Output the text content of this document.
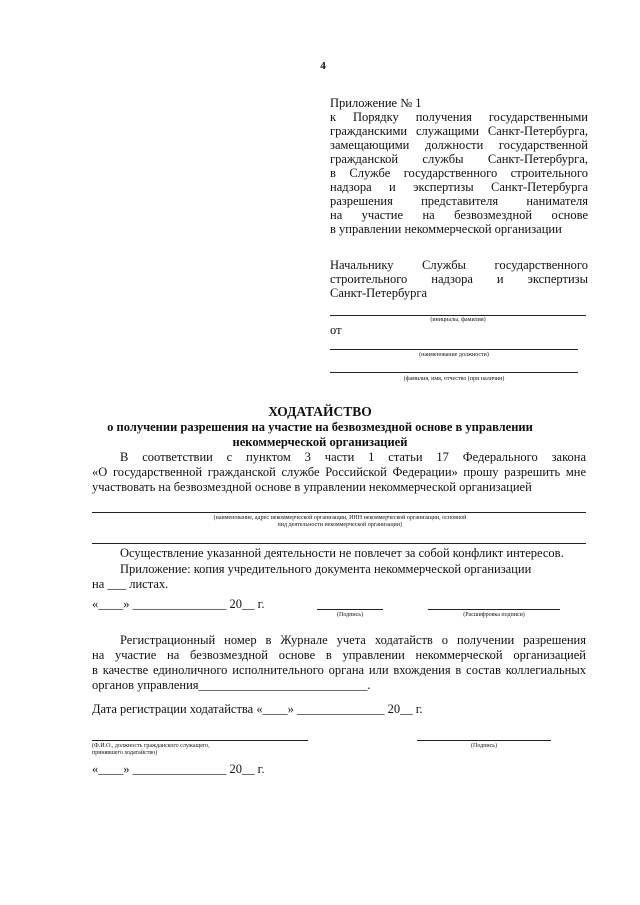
4
Приложение № 1
к Порядку получения государственными
гражданскими служащими Санкт-Петербурга,
замещающими должности государственной
гражданской службы Санкт-Петербурга,
в Службе государственного строительного
надзора и экспертизы Санкт-Петербурга
разрешения представителя нанимателя
на участие на безвозмездной основе
в управлении некоммерческой организации
Начальнику Службы государственного
строительного надзора и экспертизы
Санкт-Петербурга
(инициалы, фамилия)
от
(наименование должности)
(фамилия, имя, отчество (при наличии)
ХОДАТАЙСТВО
о получении разрешения на участие на безвозмездной основе в управлении
некоммерческой организацией
В соответствии с пунктом 3 части 1 статьи 17 Федерального закона
«О государственной гражданской службе Российской Федерации» прошу разрешить мне
участвовать на безвозмездной основе в управлении некоммерческой организацией
(наименование, адрес некоммерческой организации, ИНН некоммерческой организации, основной
вид деятельности некоммерческой организации)
Осуществление указанной деятельности не повлечет за собой конфликт интересов.
Приложение: копия учредительного документа некоммерческой организации
на ___ листах.
«____» _______________ 20__ г.
(Подпись)	(Расшифровка подписи)
Регистрационный номер в Журнале учета ходатайств о получении разрешения
на участие на безвозмездной основе в управлении некоммерческой организацией
в качестве единоличного исполнительного органа или вхождения в состав коллегиальных
органов управления___________________________.
Дата регистрации ходатайства «____» ______________ 20__ г.
(Ф.И.О., должность гражданского служащего,
принявшего ходатайство)
(Подпись)
«____» _______________ 20__ г.
